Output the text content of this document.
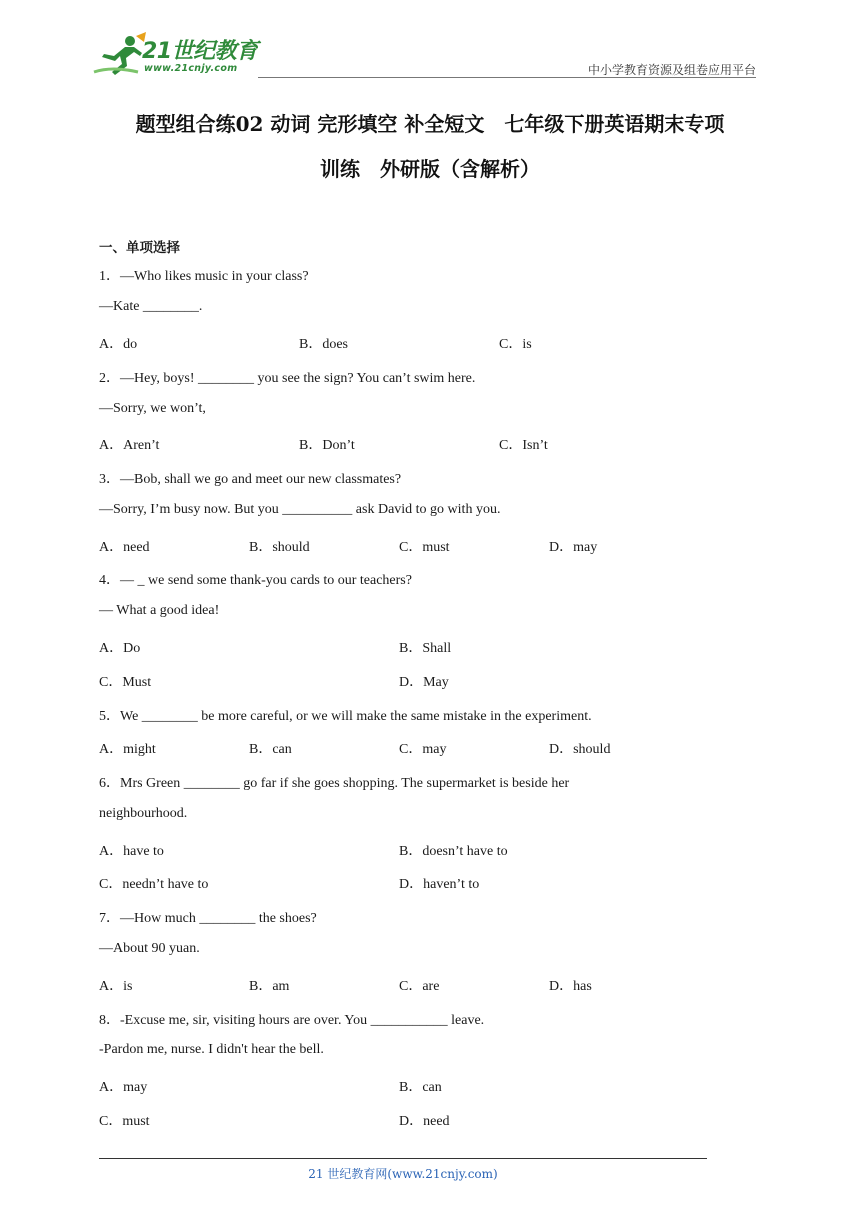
21世纪教育
www.21cnjy.com	中小学教育资源及组卷应用平台
题型组合练02 动词 完形填空 补全短文　七年级下册英语期末专项
训练　外研版（含解析）
一、单项选择
1．—Who likes music in your class?
—Kate ________.
A．do	B．does	C．is
2．—Hey, boys! ________ you see the sign? You can’t swim here.
—Sorry, we won’t,
A．Aren’t	B．Don’t	C．Isn’t
3．—Bob, shall we go and meet our new classmates?
—Sorry, I’m busy now. But you __________ ask David to go with you.
A．need	B．should	C．must	D．may
4．— _ we send some thank-you cards to our teachers?
— What a good idea!
A．Do	B．Shall
C．Must	D．May
5．We ________ be more careful, or we will make the same mistake in the experiment.
A．might	B．can	C．may	D．should
6．Mrs Green ________ go far if she goes shopping. The supermarket is beside her
neighbourhood.
A．have to	B．doesn’t have to
C．needn’t have to	D．haven’t to
7．—How much ________ the shoes?
—About 90 yuan.
A．is	B．am	C．are	D．has
8．-Excuse me, sir, visiting hours are over. You ___________ leave.
-Pardon me, nurse. I didn't hear the bell.
A．may	B．can
C．must	D．need
21 世纪教育网(www.21cnjy.com)
